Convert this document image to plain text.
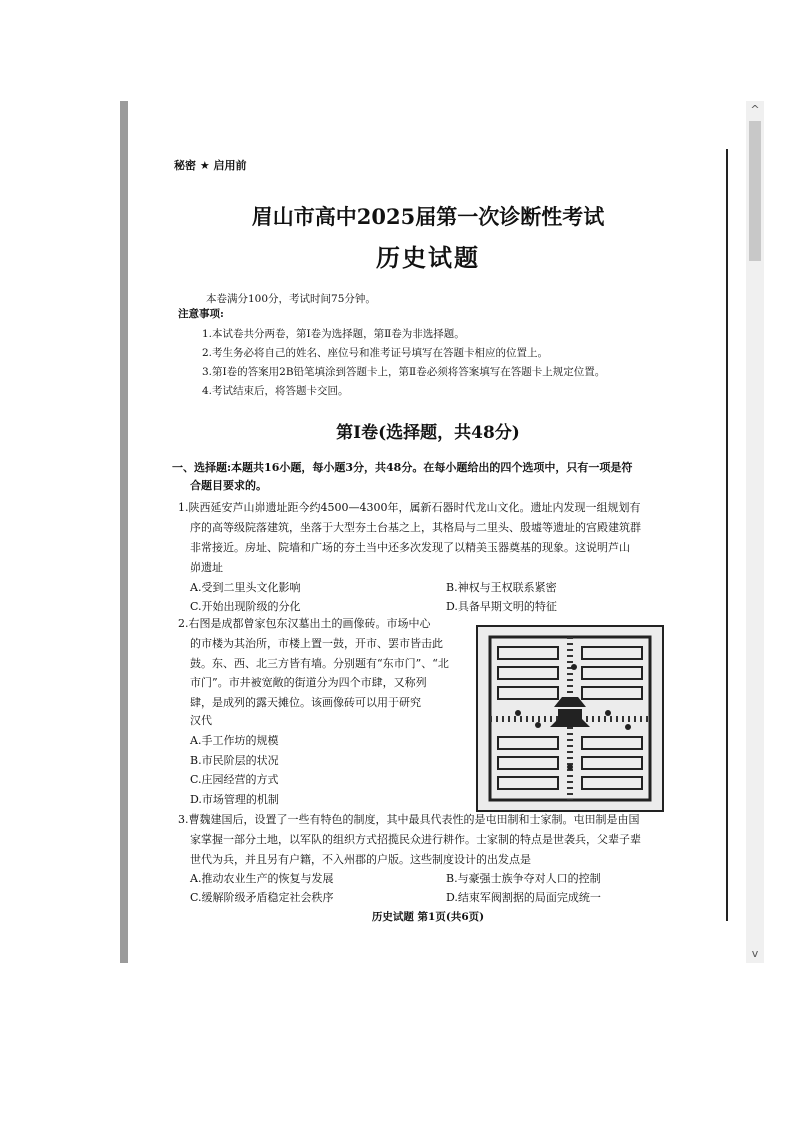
秘密 ★ 启用前
眉山市高中2025届第一次诊断性考试
历史试题
本卷满分100分，考试时间75分钟。
注意事项:
1.本试卷共分两卷，第Ⅰ卷为选择题，第Ⅱ卷为非选择题。
2.考生务必将自己的姓名、座位号和准考证号填写在答题卡相应的位置上。
3.第Ⅰ卷的答案用2B铅笔填涂到答题卡上，第Ⅱ卷必须将答案填写在答题卡上规定位置。
4.考试结束后，将答题卡交回。
第Ⅰ卷(选择题，共48分)
一、选择题:本题共16小题，每小题3分，共48分。在每小题给出的四个选项中，只有一项是符
合题目要求的。
1.陕西延安芦山峁遗址距今约4500—4300年，属新石器时代龙山文化。遗址内发现一组规划有
序的高等级院落建筑，坐落于大型夯土台基之上，其格局与二里头、殷墟等遗址的宫殿建筑群
非常接近。房址、院墙和广场的夯土当中还多次发现了以精美玉器奠基的现象。这说明芦山
峁遗址
A.受到二里头文化影响	B.神权与王权联系紧密
C.开始出现阶级的分化	D.具备早期文明的特征
2.右图是成都曾家包东汉墓出土的画像砖。市场中心
的市楼为其治所，市楼上置一鼓，开市、罢市皆击此
鼓。东、西、北三方皆有墙。分别题有“东市门”、“北
市门”。市井被宽敞的街道分为四个市肆，又称列
肆，是成列的露天摊位。该画像砖可以用于研究
汉代
A.手工作坊的规模
B.市民阶层的状况
C.庄园经营的方式
D.市场管理的机制
3.曹魏建国后，设置了一些有特色的制度，其中最具代表性的是屯田制和士家制。屯田制是由国
家掌握一部分土地，以军队的组织方式招揽民众进行耕作。士家制的特点是世袭兵，父辈子辈
世代为兵，并且另有户籍，不入州郡的户版。这些制度设计的出发点是
A.推动农业生产的恢复与发展	B.与豪强士族争夺对人口的控制
C.缓解阶级矛盾稳定社会秩序	D.结束军阀割据的局面完成统一
历史试题 第1页(共6页)
^
v
